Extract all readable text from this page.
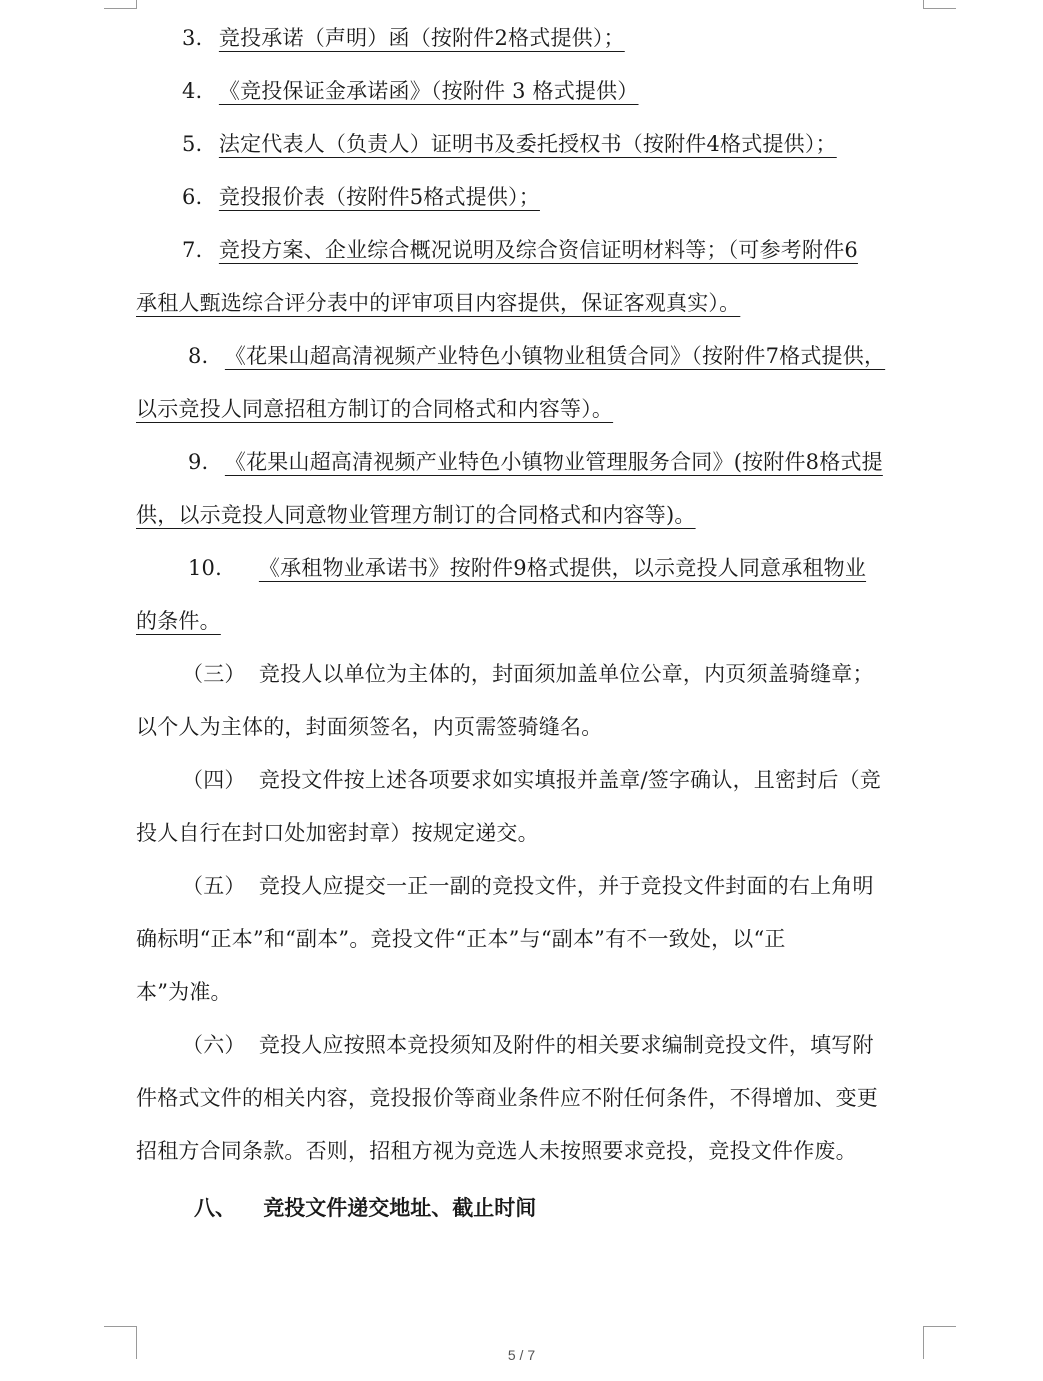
3. 竞投承诺（声明）函（按附件2格式提供）；
4. 《竞投保证金承诺函》（按附件 3 格式提供）
5. 法定代表人（负责人）证明书及委托授权书（按附件4格式提供）；
6. 竞投报价表（按附件5格式提供）；
7. 竞投方案、企业综合概况说明及综合资信证明材料等；（可参考附件6
承租人甄选综合评分表中的评审项目内容提供，保证客观真实）。
8. 《花果山超高清视频产业特色小镇物业租赁合同》（按附件7格式提供，
以示竞投人同意招租方制订的合同格式和内容等）。
9. 《花果山超高清视频产业特色小镇物业管理服务合同》(按附件8格式提
供，以示竞投人同意物业管理方制订的合同格式和内容等)。
10. 《承租物业承诺书》按附件9格式提供，以示竞投人同意承租物业
的条件。
（三） 竞投人以单位为主体的，封面须加盖单位公章，内页须盖骑缝章；
以个人为主体的，封面须签名，内页需签骑缝名。
（四） 竞投文件按上述各项要求如实填报并盖章/签字确认，且密封后（竞
投人自行在封口处加密封章）按规定递交。
（五） 竞投人应提交一正一副的竞投文件，并于竞投文件封面的右上角明
确标明“正本”和“副本”。竞投文件“正本”与“副本”有不一致处，以“正
本”为准。
（六） 竞投人应按照本竞投须知及附件的相关要求编制竞投文件，填写附
件格式文件的相关内容，竞投报价等商业条件应不附任何条件，不得增加、变更
招租方合同条款。否则，招租方视为竞选人未按照要求竞投，竞投文件作废。
八、 竞投文件递交地址、截止时间
5 / 7
